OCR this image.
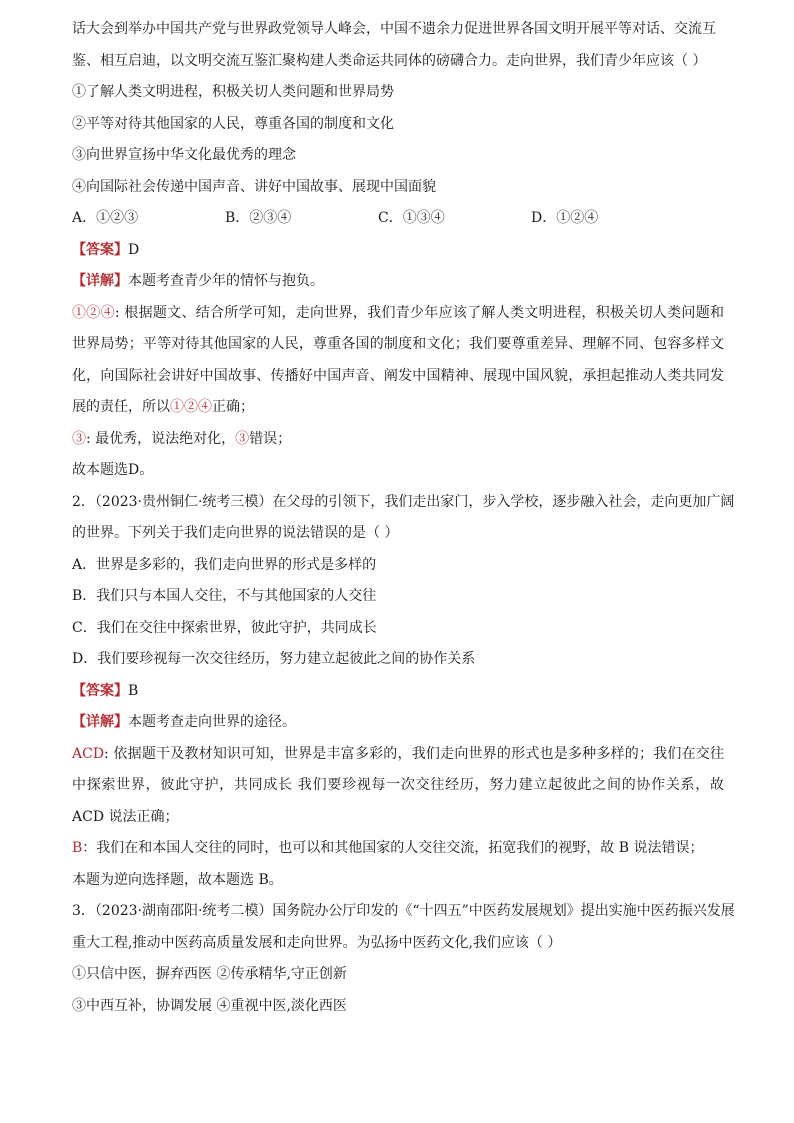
话大会到举办中国共产党与世界政党领导人峰会，中国不遗余力促进世界各国文明开展平等对话、交流互
鉴、相互启迪，以文明交流互鉴汇聚构建人类命运共同体的磅礴合力。走向世界，我们青少年应该（ ）
①了解人类文明进程，积极关切人类问题和世界局势
②平等对待其他国家的人民，尊重各国的制度和文化
③向世界宣扬中华文化最优秀的理念
④向国际社会传递中国声音、讲好中国故事、展现中国面貌
A．①②③	B．②③④	C．①③④	D．①②④
【答案】D
【详解】本题考查青少年的情怀与抱负。
①②④: 根据题文、结合所学可知，走向世界，我们青少年应该了解人类文明进程，积极关切人类问题和世界局势；平等对待其他国家的人民，尊重各国的制度和文化；我们要尊重差异、理解不同、包容多样文化，向国际社会讲好中国故事、传播好中国声音、阐发中国精神、展现中国风貌，承担起推动人类共同发展的责任，所以①②④正确；
③: 最优秀，说法绝对化，③错误；
故本题选D。
2．（2023·贵州铜仁·统考三模）在父母的引领下，我们走出家门，步入学校，逐步融入社会，走向更加广阔
的世界。下列关于我们走向世界的说法错误的是（ ）
A．世界是多彩的，我们走向世界的形式是多样的
B．我们只与本国人交往，不与其他国家的人交往
C．我们在交往中探索世界，彼此守护，共同成长
D．我们要珍视每一次交往经历，努力建立起彼此之间的协作关系
【答案】B
【详解】本题考查走向世界的途径。
ACD: 依据题干及教材知识可知，世界是丰富多彩的，我们走向世界的形式也是多种多样的；我们在交往中探索世界，彼此守护，共同成长 我们要珍视每一次交往经历，努力建立起彼此之间的协作关系，故 ACD 说法正确；
B：我们在和本国人交往的同时，也可以和其他国家的人交往交流，拓宽我们的视野，故 B 说法错误；
本题为逆向选择题，故本题选 B。
3．（2023·湖南邵阳·统考二模）国务院办公厅印发的《“十四五”中医药发展规划》提出实施中医药振兴发展
重大工程,推动中医药高质量发展和走向世界。为弘扬中医药文化,我们应该（ ）
①只信中医，摒弃西医 ②传承精华,守正创新
③中西互补，协调发展 ④重视中医,淡化西医
